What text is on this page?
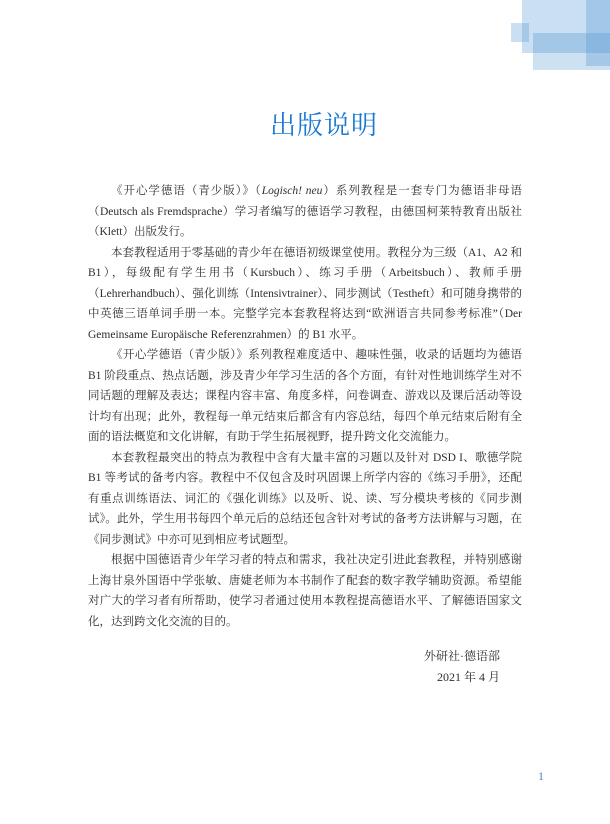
出版说明

《开心学德语（青少版）》（Logisch! neu）系列教程是一套专门为德语非母语（Deutsch als Fremdsprache）学习者编写的德语学习教程，由德国柯莱特教育出版社（Klett）出版发行。

本套教程适用于零基础的青少年在德语初级课堂使用。教程分为三级（A1、A2 和 B1），每级配有学生用书（Kursbuch）、练习手册（Arbeitsbuch）、教师手册（Lehrerhandbuch）、强化训练（Intensivtrainer）、同步测试（Testheft）和可随身携带的中英德三语单词手册一本。完整学完本套教程将达到“欧洲语言共同参考标准”（Der Gemeinsame Europäische Referenzrahmen）的 B1 水平。

《开心学德语（青少版）》系列教程难度适中、趣味性强，收录的话题均为德语 B1 阶段重点、热点话题，涉及青少年学习生活的各个方面，有针对性地训练学生对不同话题的理解及表达；课程内容丰富、角度多样，问卷调查、游戏以及课后活动等设计均有出现；此外，教程每一单元结束后都含有内容总结，每四个单元结束后附有全面的语法概览和文化讲解，有助于学生拓展视野，提升跨文化交流能力。

本套教程最突出的特点为教程中含有大量丰富的习题以及针对 DSD I、歌德学院 B1 等考试的备考内容。教程中不仅包含及时巩固课上所学内容的《练习手册》，还配有重点训练语法、词汇的《强化训练》以及听、说、读、写分模块考核的《同步测试》。此外，学生用书每四个单元后的总结还包含针对考试的备考方法讲解与习题，在《同步测试》中亦可见到相应考试题型。

根据中国德语青少年学习者的特点和需求，我社决定引进此套教程，并特别感谢上海甘泉外国语中学张敏、唐婕老师为本书制作了配套的数字教学辅助资源。希望能对广大的学习者有所帮助，使学习者通过使用本教程提高德语水平、了解德语国家文化，达到跨文化交流的目的。

外研社·德语部
2021 年 4 月
1
